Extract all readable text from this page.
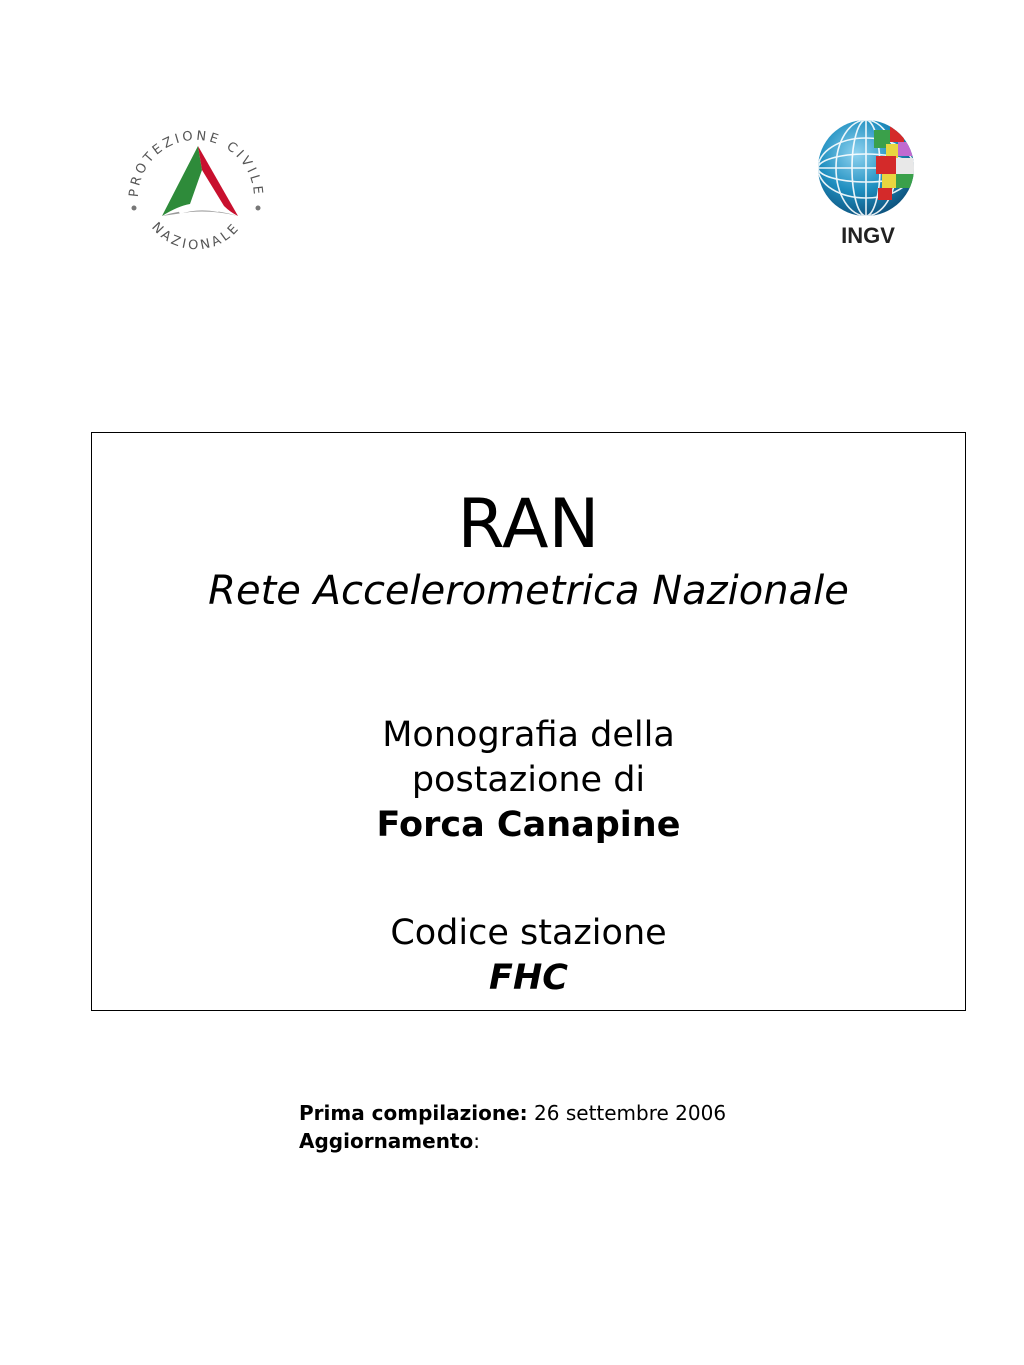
PROTEZIONE CIVILE
NAZIONALE	INGV
RAN
Rete Accelerometrica Nazionale
Monografia della
postazione di
Forca Canapine
Codice stazione
FHC
Prima compilazione: 26 settembre 2006
Aggiornamento:
